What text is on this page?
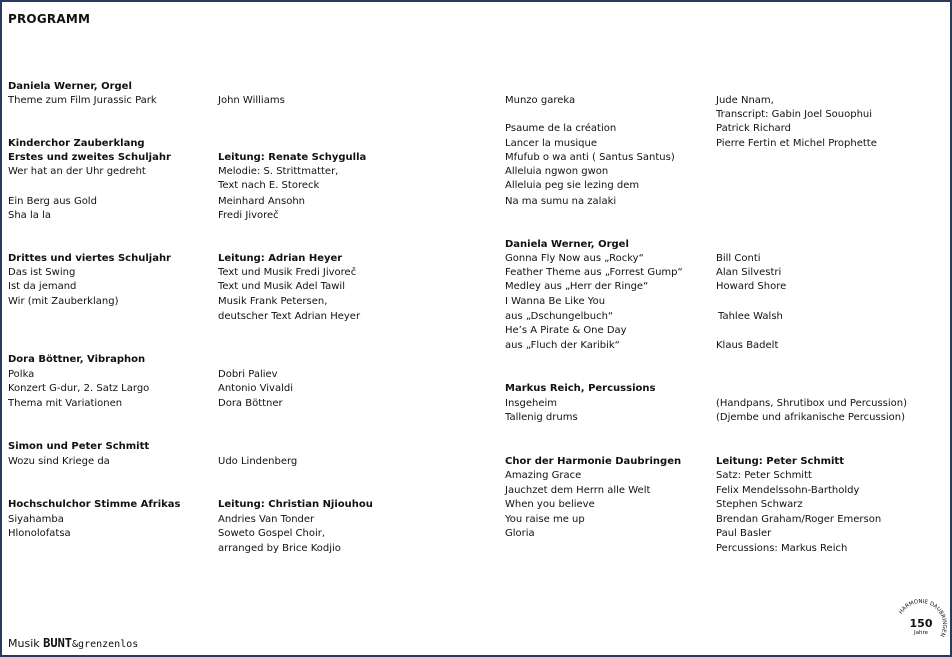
PROGRAMM
Daniela Werner, Orgel
Theme zum Film Jurassic Park
Kinderchor Zauberklang
Erstes und zweites Schuljahr
Wer hat an der Uhr gedreht
Ein Berg aus Gold
Sha la la
Drittes und viertes Schuljahr
Das ist Swing
Ist da jemand
Wir (mit Zauberklang)
Dora Böttner, Vibraphon
Polka
Konzert G-dur, 2. Satz Largo
Thema mit Variationen
Simon und Peter Schmitt
Wozu sind Kriege da
Hochschulchor Stimme Afrikas
Siyahamba
Hlonolofatsa
John Williams
Leitung: Renate Schygulla
Melodie: S. Strittmatter,
Text nach E. Storeck
Meinhard Ansohn
Fredi Jivoreč
Leitung: Adrian Heyer
Text und Musik Fredi Jivoreč
Text und Musik Adel Tawil
Musik Frank Petersen,
deutscher Text Adrian Heyer
Dobri Paliev
Antonio Vivaldi
Dora Böttner
Udo Lindenberg
Leitung: Christian Njiouhou
Andries Van Tonder
Soweto Gospel Choir,
arranged by Brice Kodjio
Munzo gareka
Psaume de la création
Lancer la musique
Mfufub o wa anti ( Santus Santus)
Alleluia ngwon gwon
Alleluia peg sie lezing dem
Na ma sumu na zalaki
Daniela Werner, Orgel
Gonna Fly Now aus „Rocky“
Feather Theme aus „Forrest Gump“
Medley aus „Herr der Ringe“
I Wanna Be Like You
aus „Dschungelbuch“
He’s A Pirate & One Day
aus „Fluch der Karibik“
Markus Reich, Percussions
Insgeheim
Tallenig drums
Chor der Harmonie Daubringen
Amazing Grace
Jauchzet dem Herrn alle Welt
When you believe
You raise me up
Gloria
Jude Nnam,
Transcript: Gabin Joel Souophui
Patrick Richard
Pierre Fertin et Michel Prophette
Bill Conti
Alan Silvestri
Howard Shore
Tahlee Walsh
Klaus Badelt
(Handpans, Shrutibox und Percussion)
(Djembe und afrikanische Percussion)
Leitung: Peter Schmitt
Satz: Peter Schmitt
Felix Mendelssohn-Bartholdy
Stephen Schwarz
Brendan Graham/Roger Emerson
Paul Basler
Percussions: Markus Reich
Musik BUNT&grenzenlos
HARMONIE DAUBRINGEN
150
Jahre
